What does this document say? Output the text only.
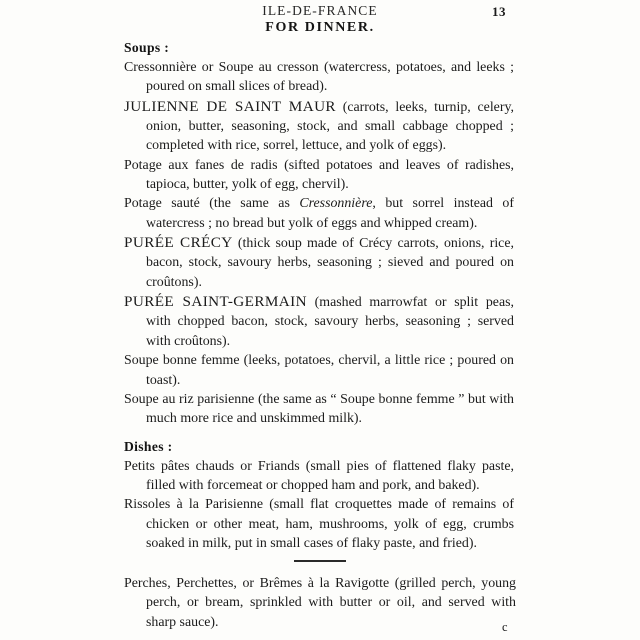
ILE-DE-FRANCE	13
FOR DINNER.
Soups :
Cressonnière or Soupe au cresson (watercress, potatoes, and leeks ; poured on small slices of bread).
JULIENNE DE SAINT MAUR (carrots, leeks, turnip, celery, onion, butter, seasoning, stock, and small cabbage chopped ; completed with rice, sorrel, lettuce, and yolk of eggs).
Potage aux fanes de radis (sifted potatoes and leaves of radishes, tapioca, butter, yolk of egg, chervil).
Potage sauté (the same as Cressonnière, but sorrel instead of watercress ; no bread but yolk of eggs and whipped cream).
PURÉE CRÉCY (thick soup made of Crécy carrots, onions, rice, bacon, stock, savoury herbs, seasoning ; sieved and poured on croûtons).
PURÉE SAINT-GERMAIN (mashed marrowfat or split peas, with chopped bacon, stock, savoury herbs, seasoning ; served with croûtons).
Soupe bonne femme (leeks, potatoes, chervil, a little rice ; poured on toast).
Soupe au riz parisienne (the same as “ Soupe bonne femme ” but with much more rice and unskimmed milk).
Dishes :
Petits pâtes chauds or Friands (small pies of flattened flaky paste, filled with forcemeat or chopped ham and pork, and baked).
Rissoles à la Parisienne (small flat croquettes made of remains of chicken or other meat, ham, mushrooms, yolk of egg, crumbs soaked in milk, put in small cases of flaky paste, and fried).

Perches, Perchettes, or Brêmes à la Ravigotte (grilled perch, young perch, or bream, sprinkled with butter or oil, and served with sharp sauce).	c
